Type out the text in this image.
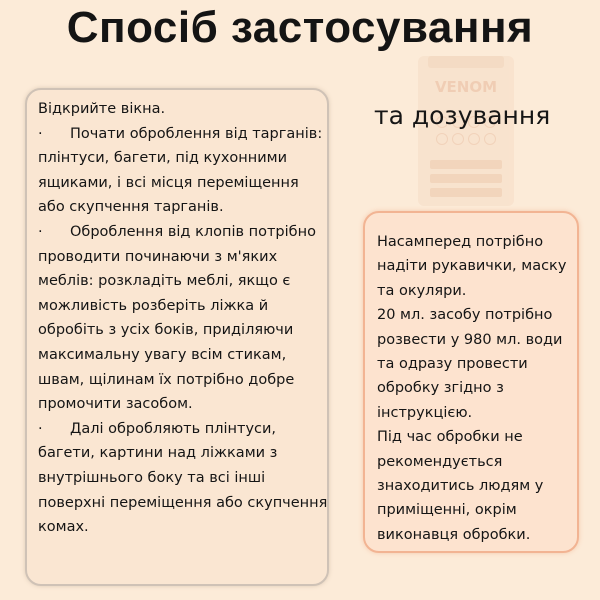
Спосіб застосування
VENOM
та дозування
Відкрийте вікна.
· Почати оброблення від тарганів:
плінтуси, багети, під кухонними
ящиками, і всі місця переміщення
або скупчення тарганів.
· Оброблення від клопів потрібно
проводити починаючи з м'яких
меблів: розкладіть меблі, якщо є
можливість розберіть ліжка й
обробіть з усіх боків, приділяючи
максимальну увагу всім стикам,
швам, щілинам їх потрібно добре
промочити засобом.
· Далі обробляють плінтуси,
багети, картини над ліжками з
внутрішнього боку та всі інші
поверхні переміщення або скупчення
комах.
Насамперед потрібно
надіти рукавички, маску
та окуляри.
20 мл. засобу потрібно
розвести у 980 мл. води
та одразу провести
обробку згідно з
інструкцією.
Під час обробки не
рекомендується
знаходитись людям у
приміщенні, окрім
виконавця обробки.
